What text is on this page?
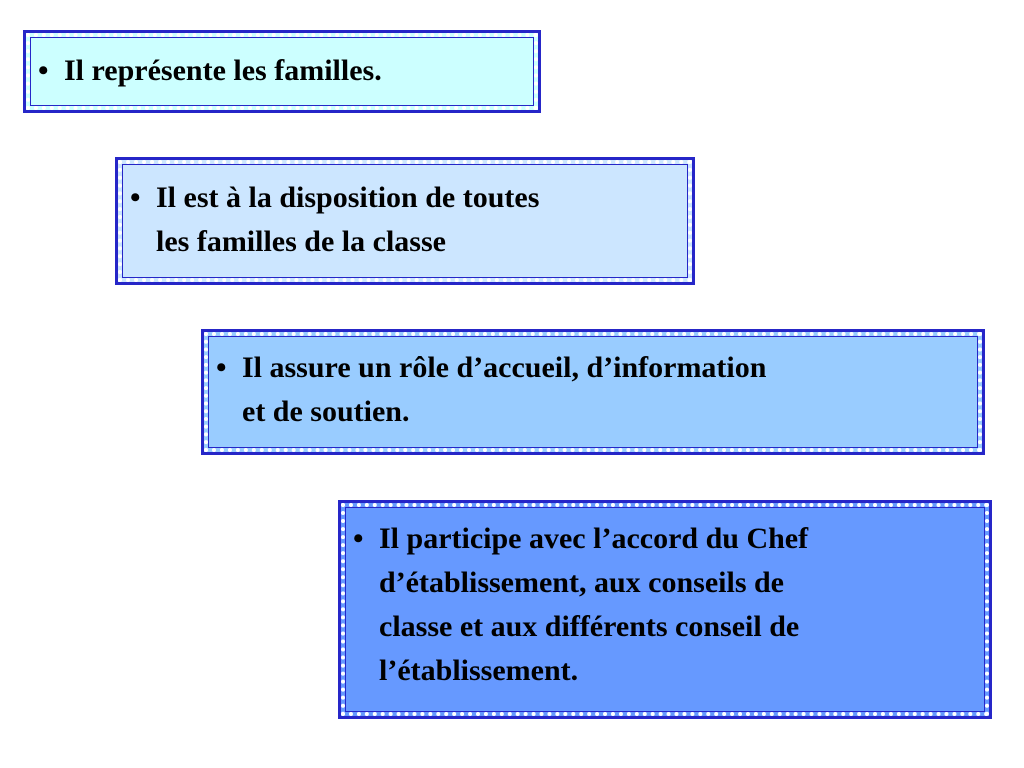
• Il représente les familles.
• Il est à la disposition de toutes
les familles de la classe
• Il assure un rôle d’accueil, d’information
et de soutien.
• Il participe avec l’accord du Chef
d’établissement, aux conseils de
classe et aux différents conseil de
l’établissement.
